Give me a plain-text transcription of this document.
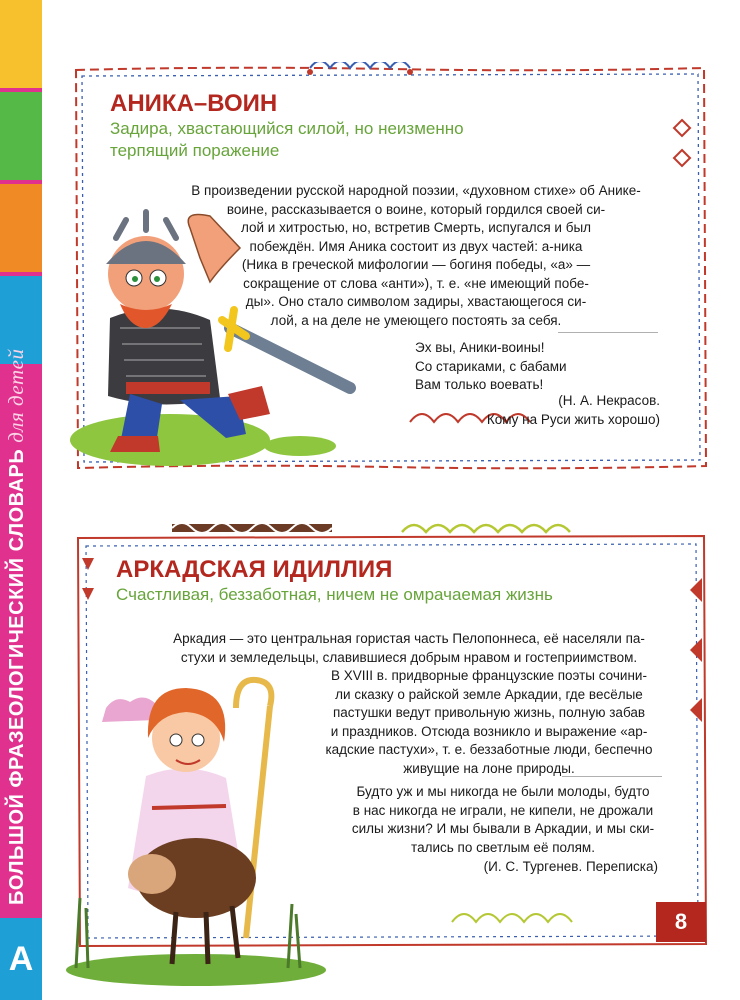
БОЛЬШОЙ ФРАЗЕОЛОГИЧЕСКИЙ СЛОВАРЬдля детей
А
АНИКА–ВОИН
Задира, хвастающийся силой, но неизменно
терпящий поражение
В произведении русской народной поэзии, «духовном стихе» об Анике-
воине, рассказывается о воине, который гордился своей си-
лой и хитростью, но, встретив Смерть, испугался и был
побеждён. Имя Аника состоит из двух частей: а-ника
(Ника в греческой мифологии — богиня победы, «а» —
сокращение от слова «анти»), т. е. «не имеющий побе-
ды». Оно стало символом задиры, хвастающегося си-
лой, а на деле не умеющего постоять за себя.
Эх вы, Аники-воины!
Со стариками, с бабами
Вам только воевать!
(Н. А. Некрасов.
Кому на Руси жить хорошо)
АРКАДСКАЯ ИДИЛЛИЯ
Счастливая, беззаботная, ничем не омрачаемая жизнь
Аркадия — это центральная гористая часть Пелопоннеса, её населяли па-
стухи и земледельцы, славившиеся добрым нравом и гостеприимством.
В XVIII в. придворные французские поэты сочини-
ли сказку о райской земле Аркадии, где весёлые
пастушки ведут привольную жизнь, полную забав
и праздников. Отсюда возникло и выражение «ар-
кадские пастухи», т. е. беззаботные люди, беспечно
живущие на лоне природы.
Будто уж и мы никогда не были молоды, будто
в нас никогда не играли, не кипели, не дрожали
силы жизни? И мы бывали в Аркадии, и мы ски-
тались по светлым её полям.
(И. С. Тургенев. Переписка)
8
